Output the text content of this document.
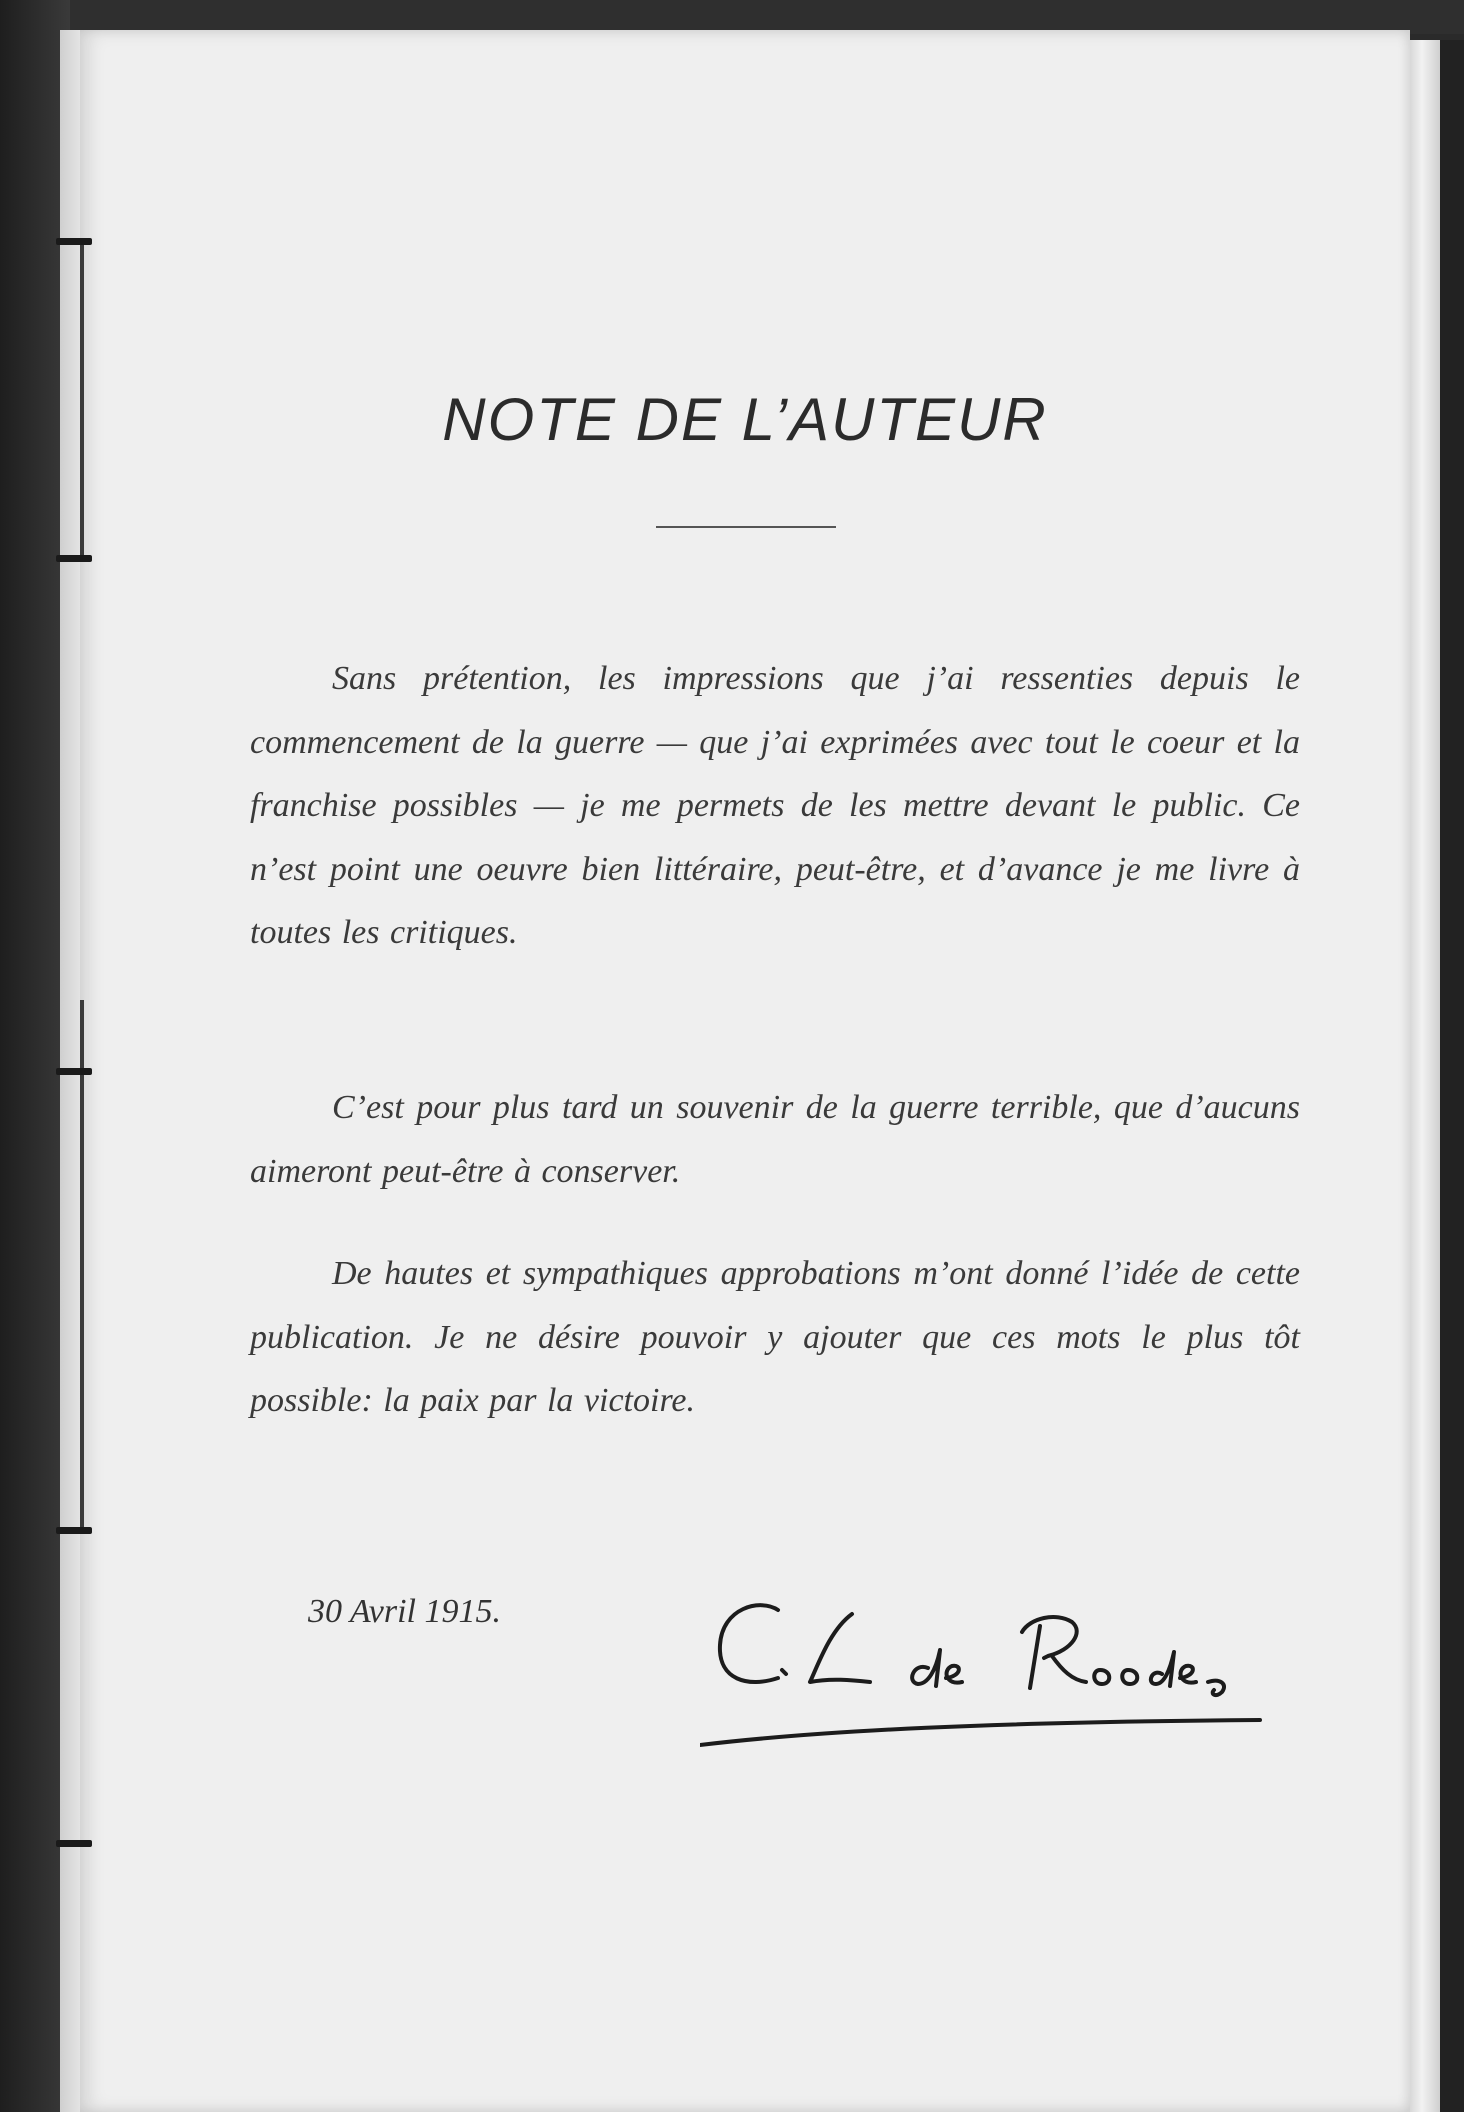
NOTE DE L’AUTEUR

Sans prétention, les impressions que j’ai ressenties depuis le commencement de la guerre — que j’ai exprimées avec tout le coeur et la franchise possibles — je me permets de les mettre devant le public. Ce n’est point une oeuvre bien littéraire, peut-être, et d’avance je me livre à toutes les critiques.

C’est pour plus tard un souvenir de la guerre terrible, que d’aucuns aimeront peut-être à conserver.

De hautes et sympathiques approbations m’ont donné l’idée de cette publication. Je ne désire pouvoir y ajouter que ces mots le plus tôt possible: la paix par la victoire.

30 Avril 1915.
